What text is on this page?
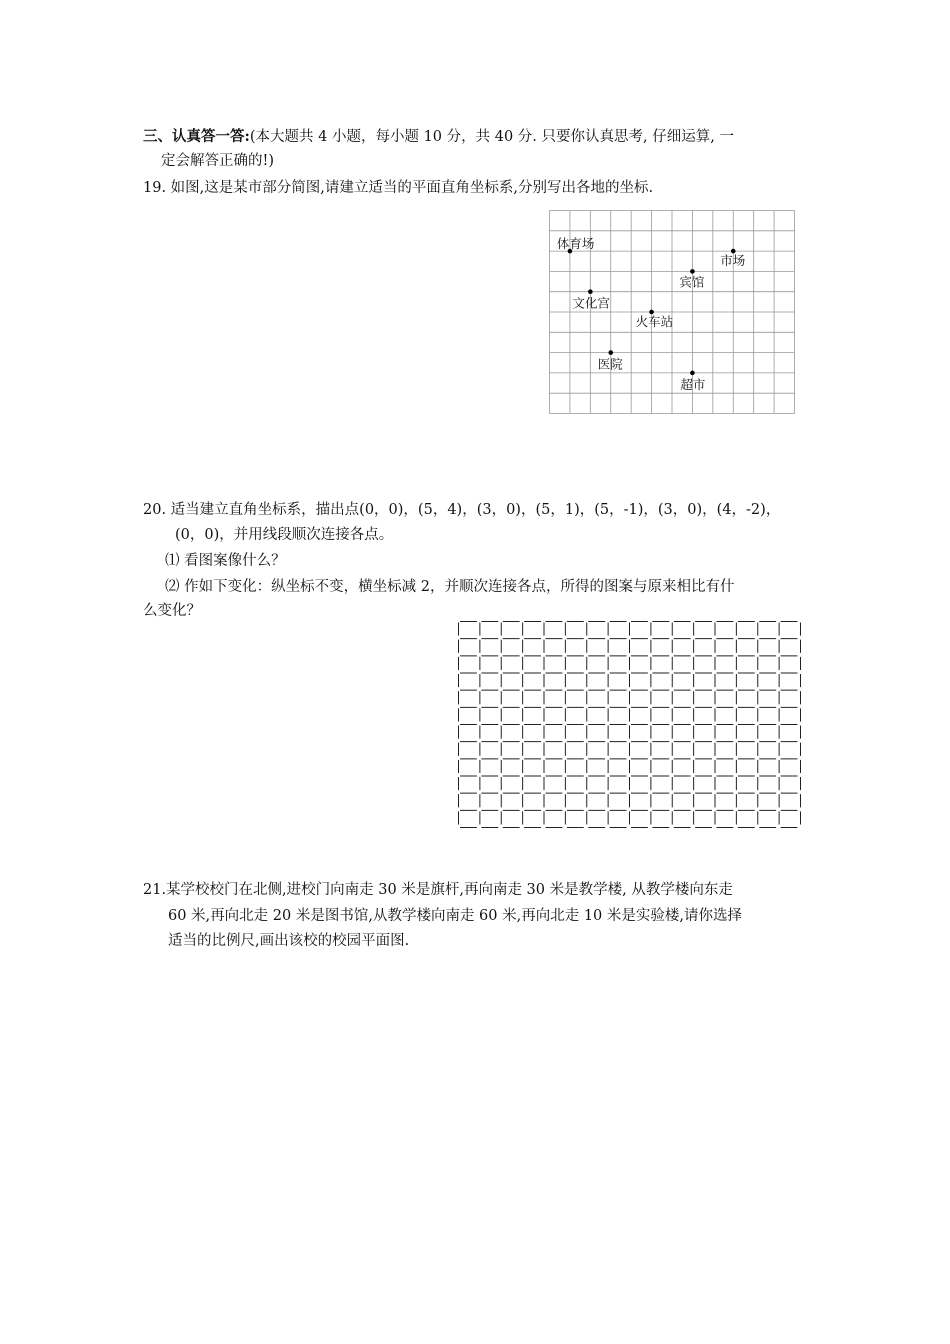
三、认真答一答:(本大题共 4 小题，每小题 10 分，共 40 分. 只要你认真思考, 仔细运算, 一
定会解答正确的!)
19. 如图,这是某市部分简图,请建立适当的平面直角坐标系,分别写出各地的坐标.
体育场
市场
宾馆
文化宫
火车站
医院
超市
20. 适当建立直角坐标系，描出点(0，0)，(5，4)，(3，0)，(5，1)，(5，-1)，(3，0)，(4，-2)，
(0，0)，并用线段顺次连接各点。
⑴ 看图案像什么？
⑵ 作如下变化：纵坐标不变，横坐标减 2，并顺次连接各点，所得的图案与原来相比有什
么变化？
21.某学校校门在北侧,进校门向南走 30 米是旗杆,再向南走 30 米是教学楼, 从教学楼向东走
60 米,再向北走 20 米是图书馆,从教学楼向南走 60 米,再向北走 10 米是实验楼,请你选择
适当的比例尺,画出该校的校园平面图.
